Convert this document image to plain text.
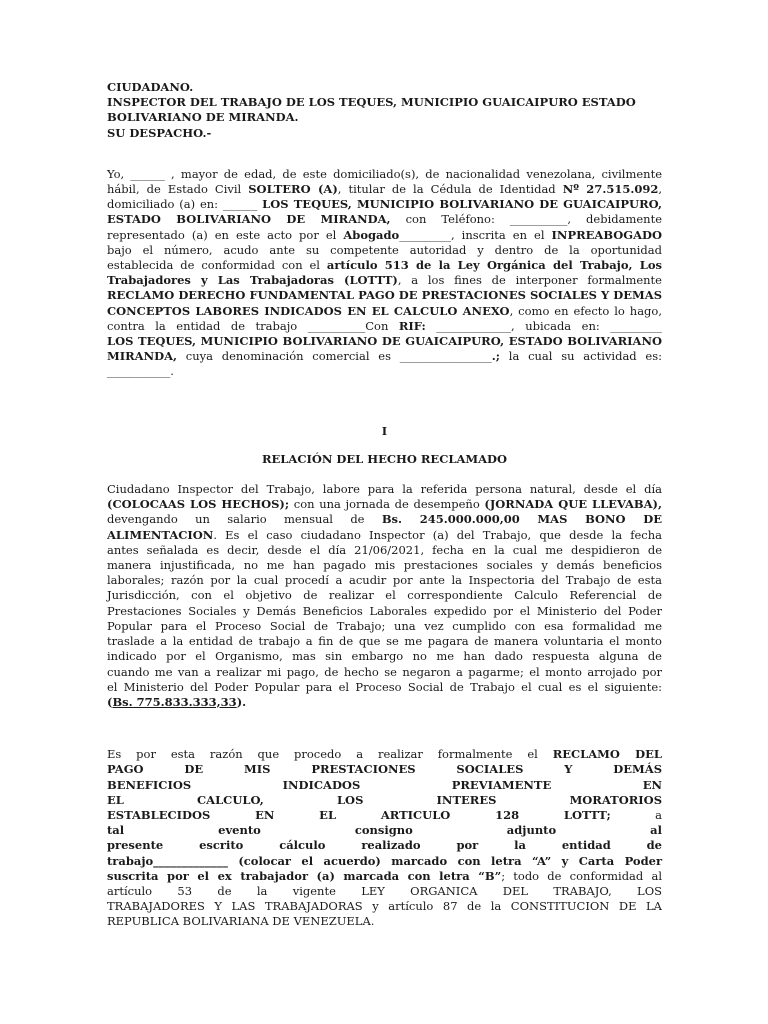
CIUDADANO.

INSPECTOR DEL TRABAJO DE LOS TEQUES, MUNICIPIO GUAICAIPURO ESTADO

BOLIVARIANO DE MIRANDA.

SU DESPACHO.-

Yo, ______ , mayor de edad, de este domiciliado(s), de nacionalidad venezolana, civilmente
hábil, de Estado Civil SOLTERO (A), titular de la Cédula de Identidad Nº 27.515.092,
domiciliado (a) en: ______ LOS TEQUES, MUNICIPIO BOLIVARIANO DE GUAICAIPURO,
ESTADO BOLIVARIANO DE MIRANDA, con Teléfono: __________, debidamente
representado (a) en este acto por el Abogado_________, inscrita en el INPREABOGADO
bajo el número, acudo ante su competente autoridad y dentro de la oportunidad
establecida de conformidad con el artículo 513 de la Ley Orgánica del Trabajo, Los
Trabajadores y Las Trabajadoras (LOTTT), a los fines de interponer formalmente
RECLAMO DERECHO FUNDAMENTAL PAGO DE PRESTACIONES SOCIALES Y DEMAS
CONCEPTOS LABORES INDICADOS EN EL CALCULO ANEXO, como en efecto lo hago,
contra la entidad de trabajo __________Con RIF: _____________, ubicada en: _________
LOS TEQUES, MUNICIPIO BOLIVARIANO DE GUAICAIPURO, ESTADO BOLIVARIANO
MIRANDA, cuya denominación comercial es ________________.; la cual su actividad es:
___________.
I
RELACIÓN DEL HECHO RECLAMADO
Ciudadano Inspector del Trabajo, labore para la referida persona natural, desde el día
(COLOCAAS LOS HECHOS); con una jornada de desempeño (JORNADA QUE LLEVABA),
devengando un salario mensual de Bs. 245.000.000,00 MAS BONO DE
ALIMENTACION. Es el caso ciudadano Inspector (a) del Trabajo, que desde la fecha
antes señalada es decir, desde el día 21/06/2021, fecha en la cual me despidieron de
manera injustificada, no me han pagado mis prestaciones sociales y demás beneficios
laborales; razón por la cual procedí a acudir por ante la Inspectoria del Trabajo de esta
Jurisdicción, con el objetivo de realizar el correspondiente Calculo Referencial de
Prestaciones Sociales y Demás Beneficios Laborales expedido por el Ministerio del Poder
Popular para el Proceso Social de Trabajo; una vez cumplido con esa formalidad me
traslade a la entidad de trabajo a fin de que se me pagara de manera voluntaria el monto
indicado por el Organismo, mas sin embargo no me han dado respuesta alguna de
cuando me van a realizar mi pago, de hecho se negaron a pagarme; el monto arrojado por
el Ministerio del Poder Popular para el Proceso Social de Trabajo el cual es el siguiente:
(Bs. 775.833.333,33).
Es por esta razón que procedo a realizar formalmente el RECLAMO DEL
PAGO DE MIS PRESTACIONES SOCIALES Y DEMÁS
BENEFICIOS INDICADOS PREVIAMENTE EN
EL CALCULO, LOS INTERES MORATORIOS
ESTABLECIDOS EN EL ARTICULO 128 LOTTT; a
tal evento consigno adjunto al
presente escrito cálculo realizado por la entidad de
trabajo_____________ (colocar el acuerdo) marcado con letra “A” y Carta Poder
suscrita por el ex trabajador (a) marcada con letra “B”; todo de conformidad al
artículo 53 de la vigente LEY ORGANICA DEL TRABAJO, LOS
TRABAJADORES Y LAS TRABAJADORAS y artículo 87 de la CONSTITUCION DE LA
REPUBLICA BOLIVARIANA DE VENEZUELA.
